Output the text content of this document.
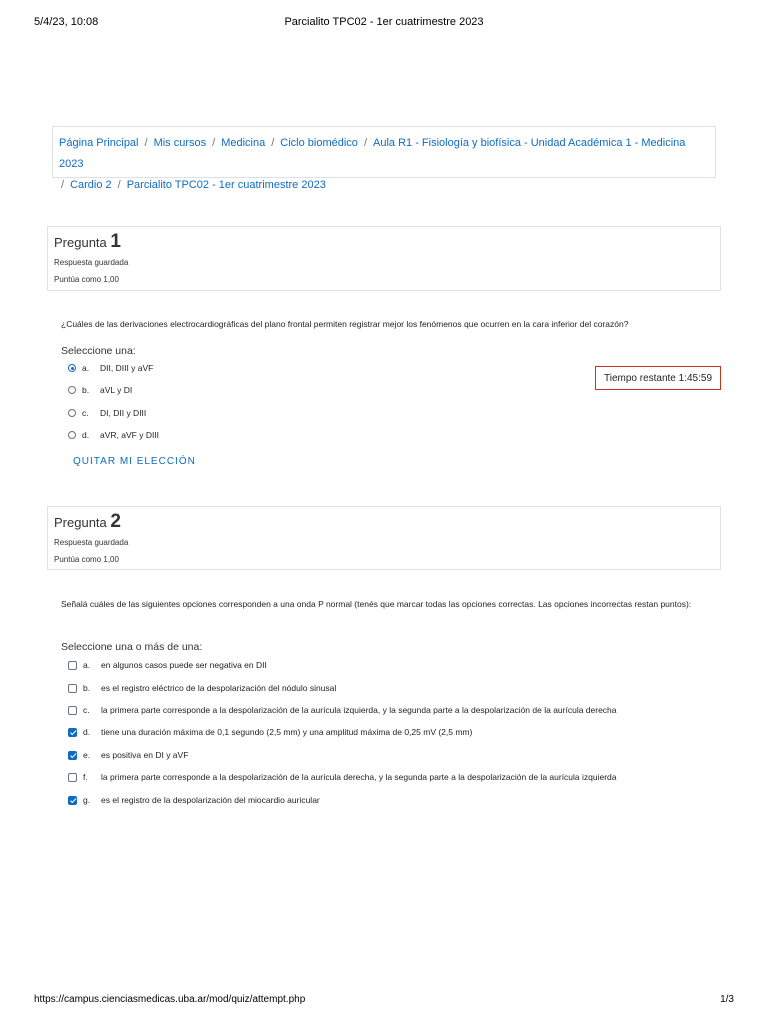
5/4/23, 10:08	Parcialito TPC02 - 1er cuatrimestre 2023
Página Principal / Mis cursos / Medicina / Ciclo biomédico / Aula R1 - Fisiología y biofísica - Unidad Académica 1 - Medicina 2023
/ Cardio 2 / Parcialito TPC02 - 1er cuatrimestre 2023
Pregunta 1
Respuesta guardada
Puntúa como 1,00
¿Cuáles de las derivaciones electrocardiográficas del plano frontal permiten registrar mejor los fenómenos que ocurren en la cara inferior del corazón?
Seleccione una:
a.	DII, DIII y aVF
b.	aVL y DI
c.	DI, DII y DIII
d.	aVR, aVF y DIII
QUITAR MI ELECCIÓN
Tiempo restante 1:45:59
Pregunta 2
Respuesta guardada
Puntúa como 1,00
Señalá cuáles de las siguientes opciones corresponden a una onda P normal (tenés que marcar todas las opciones correctas. Las opciones incorrectas restan puntos):
Seleccione una o más de una:
a.	en algunos casos puede ser negativa en DII
b.	es el registro eléctrico de la despolarización del nódulo sinusal
c.	la primera parte corresponde a la despolarización de la aurícula izquierda, y la segunda parte a la despolarización de la aurícula derecha
d.	tiene una duración máxima de 0,1 segundo (2,5 mm) y una amplitud máxima de 0,25 mV (2,5 mm)
e.	es positiva en DI y aVF
f.	la primera parte corresponde a la despolarización de la aurícula derecha, y la segunda parte a la despolarización de la aurícula izquierda
g.	es el registro de la despolarización del miocardio auricular
https://campus.cienciasmedicas.uba.ar/mod/quiz/attempt.php	1/3
